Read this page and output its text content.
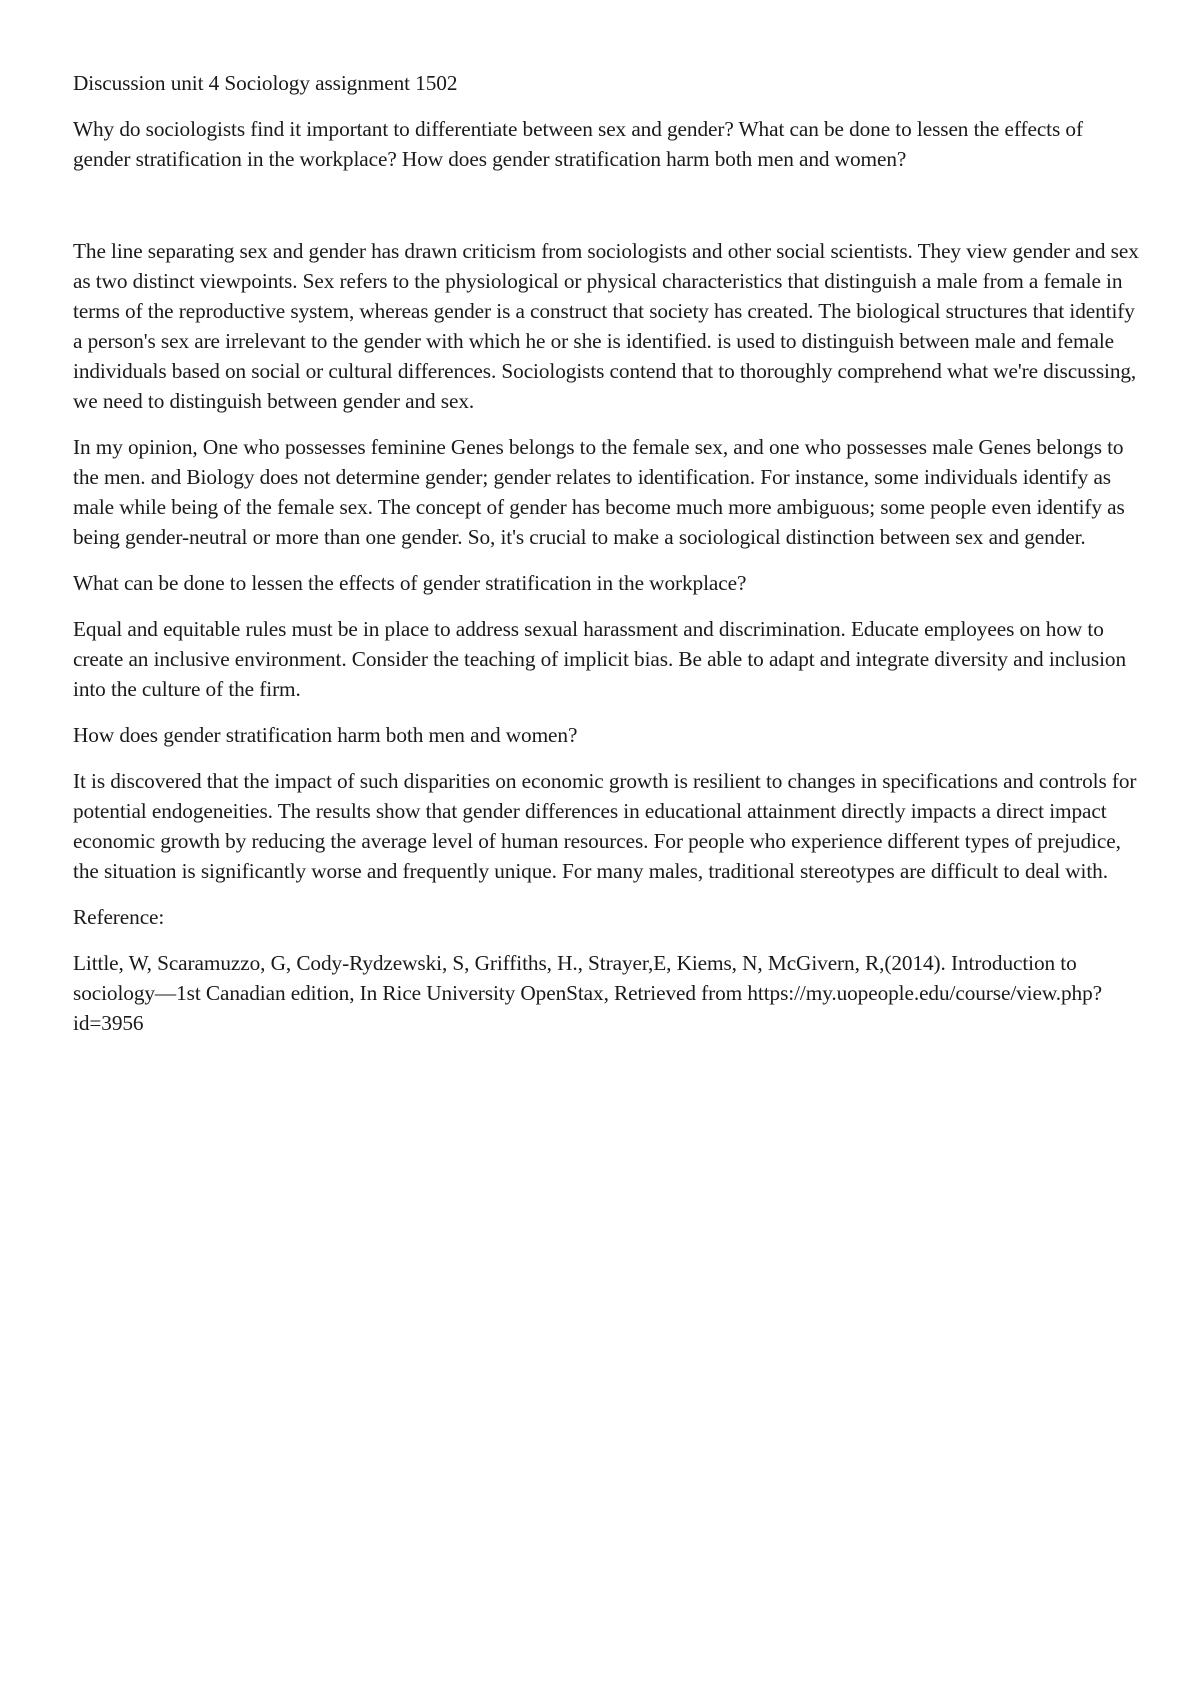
Discussion unit 4 Sociology assignment 1502

Why do sociologists find it important to differentiate between sex and gender? What can be done to lessen the effects of gender stratification in the workplace? How does gender stratification harm both men and women?

The line separating sex and gender has drawn criticism from sociologists and other social scientists. They view gender and sex as two distinct viewpoints. Sex refers to the physiological or physical characteristics that distinguish a male from a female in terms of the reproductive system, whereas gender is a construct that society has created. The biological structures that identify a person's sex are irrelevant to the gender with which he or she is identified. is used to distinguish between male and female individuals based on social or cultural differences. Sociologists contend that to thoroughly comprehend what we're discussing, we need to distinguish between gender and sex.

In my opinion, One who possesses feminine Genes belongs to the female sex, and one who possesses male Genes belongs to the men. and Biology does not determine gender; gender relates to identification. For instance, some individuals identify as male while being of the female sex. The concept of gender has become much more ambiguous; some people even identify as being gender-neutral or more than one gender. So, it's crucial to make a sociological distinction between sex and gender.

What can be done to lessen the effects of gender stratification in the workplace?

Equal and equitable rules must be in place to address sexual harassment and discrimination. Educate employees on how to create an inclusive environment. Consider the teaching of implicit bias. Be able to adapt and integrate diversity and inclusion into the culture of the firm.

How does gender stratification harm both men and women?

It is discovered that the impact of such disparities on economic growth is resilient to changes in specifications and controls for potential endogeneities. The results show that gender differences in educational attainment directly impacts a direct impact economic growth by reducing the average level of human resources. For people who experience different types of prejudice, the situation is significantly worse and frequently unique. For many males, traditional stereotypes are difficult to deal with.

Reference:

Little, W, Scaramuzzo, G, Cody-Rydzewski, S, Griffiths, H., Strayer,E, Kiems, N, McGivern, R,(2014). Introduction to sociology—1st Canadian edition, In Rice University OpenStax, Retrieved from https://my.uopeople.edu/course/view.php? id=3956
